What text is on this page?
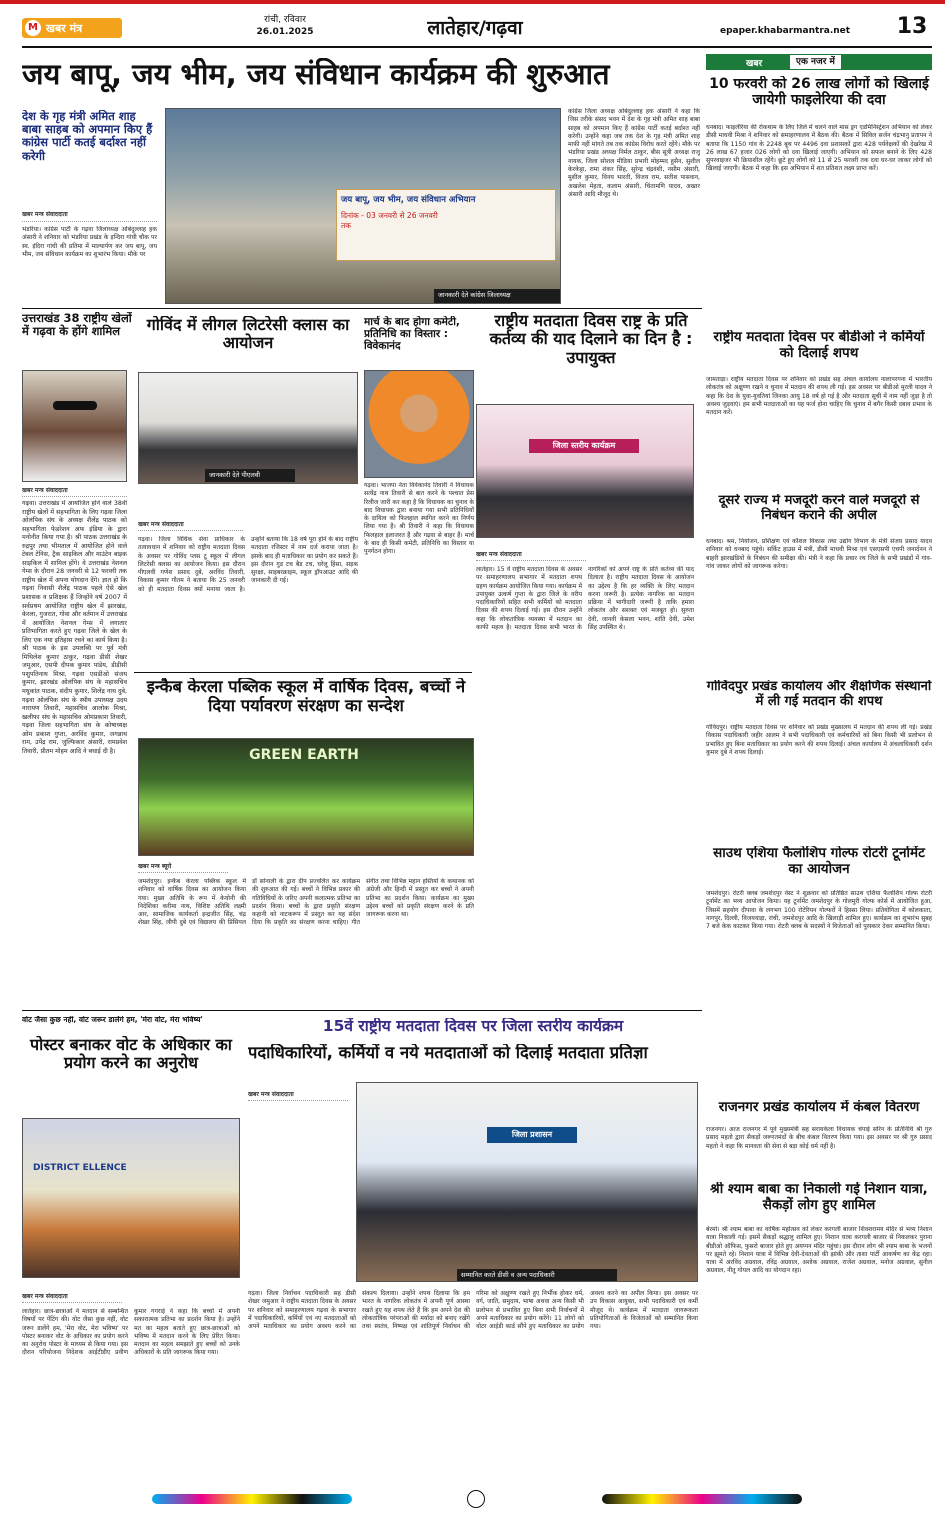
M खबर मंत्र
रांची, रविवार
26.01.2025	लातेहार/गढ़वा	epaper.khabarmantra.net	13
जय बापू, जय भीम, जय संविधान कार्यक्रम की शुरुआत
देश के गृह मंत्री अमित शाह बाबा साहब को अपमान किए हैं कांग्रेस पार्टी कतई बर्दाश्त नहीं करेगी
खबर मन्त्र संवाददाता
भंडरिया। कांग्रेस पार्टी के गढ़वा जिलाध्यक्ष ओबेदुल्लाह हक अंसारी ने शनिवार को भंडरिया प्रखंड के इन्दिरा गांधी चौक पर स्व. इंदिरा गांधी की प्रतिमा में माल्यार्पण कर जय बापू, जय भीम, जय संविधान कार्यक्रम का शुभारंभ किया। मौके पर
जय बापू, जय भीम, जय संविधान अभियान
दिनांक - 03 जनवरी से 26 जनवरी तक
जानकारी देते कांग्रेस जिलाध्यक्ष
कांग्रेस जिला अध्यक्ष ओबेदुल्लाह हक अंसारी ने कहा कि जिस तरीके संसद भवन में देश के गृह मंत्री अमित शाह बाबा साहब को अपमान किए हैं कांग्रेस पार्टी कतई बर्दाश्त नहीं करेगी। उन्होंने कहा जब तक देश के गृह मंत्री अमित शाह माफी नहीं मांगते तब तक कांग्रेस विरोध करते रहेंगे। मौके पर भंडरिया प्रखंड अध्यक्ष निर्मल ठाकुर, बीस सूत्री अध्यक्ष राजू नायक, जिला सोशल मीडिया प्रभारी मोहम्मद हुसैन, सुशील केरकेट्टा, रामा शंकर सिंह, सुरेन्द्र चंद्रवंशी, नसीम अंसारी, मुशील कुमार, विनय भारती, विजय राम, सतीश पासवान, अखलेश मेहता, कलाम अंसारी, चिंतामणि यादव, अख्तर अंसारी आदि मौजूद थे।
उत्तराखंड 38 राष्ट्रीय खेलों में गढ़वा के होंगे शामिल
खबर मन्त्र संवाददाता
गढ़वा। उत्तराखंड में आयोजित होने वाले 38वीं राष्ट्रीय खेलों में सहभागिता के लिए गढ़वा जिला ओलंपिक संघ के अध्यक्ष शैलेंद्र पाठक को सहभागिता फेडरेशन अफ इंडिया के द्वारा मनोनीत किया गया है। श्री पाठक उत्तराखंड के रुद्रपुर तथा भीमताल में आयोजित होने वाले टेबल टेनिस, ट्रैक साइकिल और माउंटेन बाइक साइकिल में शामिल होंगे। वे उत्तराखंड नेशनल गेम्स के दौरान 28 जनवरी से 12 फरवरी तक राष्ट्रीय खेल में अपना योगदान देंगे। ज्ञात हो कि गढ़वा निवासी शैलेंद्र पाठक पहले ऐसे खेल प्रशासक व प्रशिक्षक हैं जिन्होंने वर्ष 2007 में सर्वप्रथम आयोजित राष्ट्रीय खेल में झारखंड, केरला, गुजरात, गोवा और वर्तमान में उत्तराखंड में आयोजित नेशनल गेम्स में लगातार प्रतिभागिता करते हुए गढ़वा जिले के खेल के लिए एक नया इतिहास रचने का कार्य किया है। श्री पाठक के इस उपलब्धि पर पूर्व मंत्री मिथिलेश कुमार ठाकुर, गढ़वा डीसी शेखर जमुआर, एसपी दीपक कुमार पांडेय, डीडीसी पशुपतिनाथ मिश्रा, गढ़वा एसडीओ संजय कुमार, झारखंड ओलंपिक संघ के महासचिव मधुकांत पाठक, संदीप कुमार, शिलेंद्र नाथ दुबे, गढ़वा ओलंपिक संघ के स्थीय उपाध्यक्ष उदय नारायण तिवारी, महासचिव आलोक मिश्रा, खलीफा संघ के महासचिव ओमप्रकाश तिवारी, गढ़वा जिला सहभागिता संघ के कोषाध्यक्ष ओम प्रकाश गुप्ता, अरविंद कुमार, जगन्नाथ राम, उपेंद्र राम, जुल्फिकार अंसारी, रामप्रवेश तिवारी, प्रीतम मोहम आदि ने बधाई दी है।
गोविंद में लीगल लिटरेसी क्लास का आयोजन
जानकारी देते पीएलवी
खबर मन्त्र संवाददाता
गढ़वा। जिला विधिक सेवा प्राधिकार के तत्वावधान में शनिवार को राष्ट्रीय मतदाता दिवस के अवसर पर गोविंद प्लस टू स्कूल में लीगल लिटरेसी क्लास का आयोजन किया। इस दौरान पीएलवी गणेश प्रसाद दुबे, अरविंद तिवारी, विकास कुमार गौतम ने बताया कि 25 जनवरी को ही मतदाता दिवस क्यों मनाया जाता है। उन्होंने बताया कि 18 वर्ष पूरा होने के बाद राष्ट्रीय मतदाता रजिस्टर में नाम दर्ज कराया जाता है। इसके बाद ही मताधिकार का प्रयोग कर सकते हैं। इस दौरान गुड टच बैड टच, घरेलू हिंसा, सड़क सुरक्षा, साइबरक्राइम, स्कूल ड्रॉपआउट आदि की जानकारी दी गई।
मार्च के बाद होगा कमेटी, प्रतिनिधि का विस्तार : विवेकानंद
गढ़वा। भाजपा नेता विवेकानंद तिवारी ने विधायक सत्येंद्र नाथ तिवारी से बात करने के पश्चात प्रेस रिलीज जारी कर कहा है कि विधायक का चुनाव के बाद विधायक द्वारा बनाया गया सभी प्रतिनिधियों के दायित्व को फिलहाल स्थगित करने का निर्णय लिया गया है। श्री तिवारी ने कहा कि विधायक फिलहाल इलाजरत हैं और गढ़वा से बाहर हैं। मार्च के बाद ही किसी कमेटी, प्रतिनिधि का विस्तार या पुनर्गठन होगा।
राष्ट्रीय मतदाता दिवस राष्ट्र के प्रति कर्तव्य की याद दिलाने का दिन है : उपायुक्त
जिला स्तरीय कार्यक्रम
खबर मन्त्र संवाददाता
लातेहार। 15 वें राष्ट्रीय मतदाता दिवस के अवसर पर समाहरणालय सभागार में मतदाता शपथ ग्रहण कार्यक्रम आयोजित किया गया। कार्यक्रम में उपायुक्त उत्कर्ष गुप्ता के द्वारा जिले के वरीय पदाधिकारियों सहित सभी कर्मियों को मतदाता दिवस की शपथ दिलाई गई। इस दौरान उन्होंने कहा कि लोकतांत्रिक व्यवस्था में मतदान का काफी महत्व है। मतदाता दिवस सभी भारत के नागरिकों को अपने राष्ट्र के प्रति कर्तव्य की याद दिलाता है। राष्ट्रीय मतदाता दिवस के आयोजन का उद्देश्य है कि हर व्यक्ति के लिए मतदान करना जरूरी है। प्रत्येक नागरिक का मतदान प्रक्रिया में भागीदारी जरूरी है ताकि हमारा लोकतंत्र और सशक्त एवं मजबूत हो। सुरुता देवी, जानवी केसला भवन, शांति देवी, उमेश सिंह उपस्थित थे।
इन्कैब केरला पब्लिक स्कूल में वार्षिक दिवस, बच्चों ने दिया पर्यावरण संरक्षण का सन्देश
GREEN EARTH
खबर मन्त्र ब्यूरो
जमशेदपुर। इन्कैब केरला पब्लिक स्कूल में शनिवार को वार्षिक दिवस का आयोजन किया गया। मुख्य अतिथि के रूप में केयोनी की निदेशिका करीमा नाथ, विशिष्ट अतिथि लक्ष्मी आर, सामाजिक कार्यकर्ता इन्द्रजीत सिंह, चंद्र शेखर सिंह, जीपी दुबे एवं विद्यालय की प्रिंसिपल डॉ सोनाली के द्वारा दीप प्रज्वलित कर कार्यक्रम की शुरुआत की गई। बच्चों ने विभिन्न प्रकार की गतिविधियों के जरिए अपनी कलात्मक प्रतिभा का प्रदर्शन किया। बच्चों के द्वारा प्रकृति संरक्षण कहानी को नाटकरूप में प्रस्तुत कर यह संदेश दिया कि प्रकृति का संरक्षण करना चाहिए। गीत संगीत तथा विभिन्न महान हस्तियों के कथानक को अंग्रेजी और हिन्दी में प्रस्तुत कर बच्चों ने अपनी प्रतिभा का प्रदर्शन किया। कार्यक्रम का मुख्य उद्देश्य बच्चों को प्रकृति संरक्षण करने के प्रति जागरूक करना था।
वोट जैसा कुछ नहीं, वोट जरूर डालेंगे हम, 'मेरा वोट, मेरा भविष्य'
पोस्टर बनाकर वोट के अधिकार का प्रयोग करने का अनुरोध
DISTRICT ELLENCE
खबर मन्त्र संवाददाता
लातेहार। छात्र-छात्राओं ने मतदान से सम्बन्धित विषयों पर पेंटिंग की। वोट जैसा कुछ नहीं, वोट जरूर डालेंगे हम, 'मेरा वोट, मेरा भविष्य' पर पोस्टर बनाकर वोट के अधिकार का प्रयोग करने का अनुरोध पोस्टर के माध्यम से किया गया। इस दौरान परियोजना निदेशक आईटीडीए प्रवीण कुमार गगराई ने कहा कि बच्चों में अपनी सकारात्मक प्रतिभा का प्रदर्शन किया है। उन्होंने मत का महत्व बताते हुए छात्र-छात्राओं को भविष्य में मतदान करने के लिए प्रेरित किया। मतदान का महत्व समझाते हुए बच्चों को उनके अधिकारों के प्रति जागरूक किया गया।
15वें राष्ट्रीय मतदाता दिवस पर जिला स्तरीय कार्यक्रम
पदाधिकारियों, कर्मियों व नये मतदाताओं को दिलाई मतदाता प्रतिज्ञा
खबर मन्त्र संवाददाता
जिला प्रशासन
सम्मानित करते डीसी व अन्य पदाधिकारी
गढ़वा। जिला निर्वाचन पदाधिकारी सह डीसी शेखर जमुआर ने राष्ट्रीय मतदाता दिवस के अवसर पर शनिवार को समाहरणालय गढ़वा के सभागार में पदाधिकारियों, कर्मियों एवं नए मतदाताओं को अपने मताधिकार का प्रयोग अवश्य करने का संकल्प दिलाया। उन्होंने शपथ दिलाया कि हम भारत के नागरिक लोकतंत्र में अपनी पूर्ण आस्था रखते हुए यह शपथ लेते हैं कि हम अपने देश की लोकतांत्रिक परंपराओं की मर्यादा को बनाए रखेंगे तथा स्वतंत्र, निष्पक्ष एवं शांतिपूर्ण निर्वाचन की गरिमा को अक्षुण्ण रखते हुए निर्भीक होकर धर्म, वर्ग, जाति, समुदाय, भाषा अथवा अन्य किसी भी प्रलोभन से प्रभावित हुए बिना सभी निर्वाचनों में अपने मताधिकार का प्रयोग करेंगे। 11 लोगों को वोटर आईडी कार्ड सौंपे हुए मताधिकार का प्रयोग अवश्य करने का अपील किया। इस अवसर पर उप विकास आयुक्त, सभी पदाधिकारी एवं कर्मी मौजूद थे। कार्यक्रम में मतदाता जागरूकता प्रतियोगिताओं के विजेताओं को सम्मानित किया गया।
खबर	एक नजर में
10 फरवरी को 26 लाख लोगों को खिलाई जायेगी फाइलेरिया की दवा
धनबाद। फाइलेरिया की रोकथाम के लिए जिले में चलने वाले मास ड्रग एडमिनिस्ट्रेशन अभियान को लेकर डीसी माधवी मिश्रा ने शनिवार को समाहरणालय में बैठक की। बैठक में सिविल सर्जन चंद्रभानु प्रतापन ने बताया कि 1150 गांव के 2248 बूथ पर 4496 दवा प्रशासकों द्वारा 428 पर्यवेक्षकों की देखरेख में 26 लाख 67 हजार 026 लोगों को दवा खिलाई जाएगी। अभियान को सफल बनाने के लिए 428 सुपरवाइजर भी क्रियाशील रहेंगे। छूटे हुए लोगों को 11 से 25 फरवरी तक दवा घर-घर जाकर लोगों को खिलाई जाएगी। बैठक में कहा कि इस अभियान में शत प्रतिशत लक्ष्य प्राप्त करें।
राष्ट्रीय मतदाता दिवस पर बीडीओ ने कर्मियों को दिलाई शपथ
जामताड़ा। राष्ट्रीय मतदाता दिवस पर शनिवार को प्रखंड सह अंचल कार्यालय नालापरगना में भारतीय लोकतंत्र को अक्षुण्ण रखने व चुनाव में मतदान की शपथ ली गई। इस अवसर पर बीडीओ मुरली यादव ने कहा कि देश के युवा-युवतियां जिनका आयु 18 वर्ष हो गई है और मतदाता सूची में नाम नहीं जुड़ा है तो अवश्य जुड़वाएं। हम सभी मतदाताओं का यह फर्ज होना चाहिए कि चुनाव में बगैर किसी दबाव प्रभाव के मतदान करें।
दूसरे राज्य में मजदूरी करने वाले मजदूरों से निबंधन कराने की अपील
धनबाद। श्रम, नियोजन, प्रशिक्षण एवं कौशल विकास तथा उद्योग विभाग के मंत्री संजय प्रसाद यादव शनिवार को धनबाद पहुंचे। सर्किट हाउस में मंत्री, डीसी माधवी मिश्रा एवं एसएसपी एचपी जनार्दनन ने बाहरी झारखंडियों के निबंधन की समीक्षा की। मंत्री ने कहा कि प्रचार रथ जिले के सभी प्रखंडों में गांव-गांव जाकर लोगों को जागरूक करेगा।
गोविंदपुर प्रखंड कार्यालय और शैक्षणिक संस्थानों में ली गई मतदान की शपथ
गोविंदपुर। राष्ट्रीय मतदाता दिवस पर शनिवार को प्रखंड मुख्यालय में मतदान की शपथ ली गई। प्रखंड विकास पदाधिकारी जहीर आलम ने सभी पदाधिकारी एवं कर्मचारियों को बिना किसी भी प्रलोभन से प्रभावित हुए बिना मताधिकार का प्रयोग करने की शपथ दिलाई। अंचल कार्यालय में अंचलाधिकारी दर्शन कुमार दुबे ने शपथ दिलाई।
साउथ एशिया फैलोशिप गोल्फ रोटरी टूर्नामेंट का आयोजन
जमशेदपुर। रोटरी क्लब जमशेदपुर वेस्ट ने शुक्रवार को प्रतिष्ठित साउथ एशिया फैलोशिप गोल्फ रोटरी टूर्नामेंट का भव्य आयोजन किया। यह टूर्नामेंट जमशेदपुर के गोलमुरी गोल्फ कोर्स में आयोजित हुआ, जिसमें सहयोग दीपावा के लगभग 100 रोटेरियन गोल्फरों ने हिस्सा लिया। प्रतियोगिता में कोलकाता, नागपुर, दिल्ली, विजयवाड़ा, रांची, जमशेदपुर आदि के खिलाड़ी शामिल हुए। कार्यक्रम का शुभारंभ सुबह 7 बजे केक काटकर किया गया। रोटरी क्लब के सदस्यों ने विजेताओं को पुरस्कार देकर सम्मानित किया।
राजनगर प्रखंड कार्यालय में कंबल वितरण
राजनगर। आज राजनगर में पूर्व मुख्यमंत्री सह सरायकेला विधायक चंपाई सोरेन के प्रतिनिधि श्री गुरु प्रसाद महतो द्वारा सैकड़ों जरूरतमंदों के बीच कंबल वितरण किया गया। इस अवसर पर श्री गुरु प्रसाद महतो ने कहा कि मानवता की सेवा से बड़ा कोई धर्म नहीं है।
श्री श्याम बाबा का निकाली गई निशान यात्रा, सैकड़ों लोग हुए शामिल
बेरमो। श्री श्याम बाबा का वार्षिक महोत्सव को लेकर करगली बाजार शिवशरामय मंदिर से भव्य निशान यात्रा निकाली गई। इसमें सैकड़ों श्रद्धालु शामिल हुए। निशान यात्रा करगली बाजार से निकलकर पुराना बीडीओ ऑफिस, फुसरो बाजार होते हुए अयप्पन मंदिर पहुंचा। इस दौरान लोग श्री श्याम बाबा के भजनों पर झूमते रहे। निशान यात्रा में विभिन्न देवी-देवताओं की झांकी और ताशा पार्टी आकर्षण का केंद्र रहा। यात्रा में अरविंद अग्रवाल, रविंद्र अग्रवाल, अशोक अग्रवाल, राजेश अग्रवाल, मनोज अग्रवाल, सुनील अग्रवाल, नीतू गोयल आदि का योगदान रहा।
